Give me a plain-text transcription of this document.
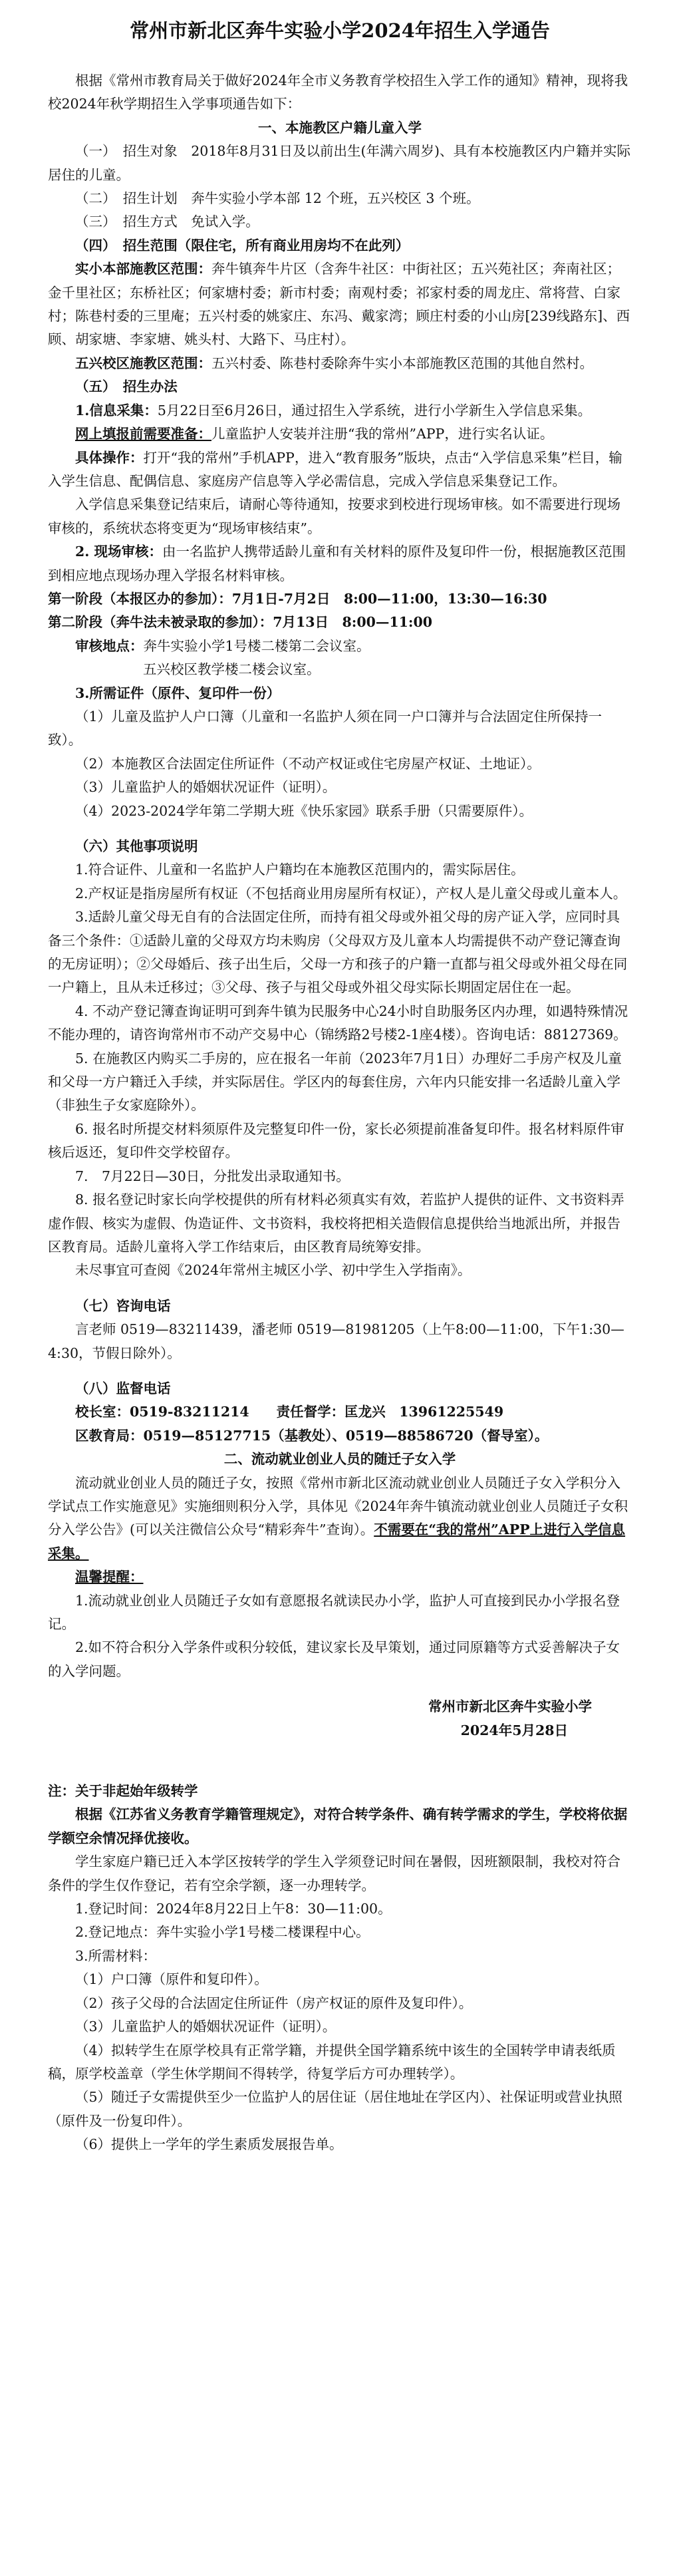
常州市新北区奔牛实验小学2024年招生入学通告

根据《常州市教育局关于做好2024年全市义务教育学校招生入学工作的通知》精神，现将我校2024年秋学期招生入学事项通告如下：

一、本施教区户籍儿童入学

（一）　招生对象　2018年8月31日及以前出生(年满六周岁)、具有本校施教区内户籍并实际居住的儿童。

（二）　招生计划　奔牛实验小学本部 12 个班，五兴校区 3 个班。

（三）　招生方式　免试入学。

（四）　招生范围（限住宅，所有商业用房均不在此列）

实小本部施教区范围：奔牛镇奔牛片区（含奔牛社区：中街社区；五兴苑社区；奔南社区；金千里社区；东桥社区；何家塘村委；新市村委；南观村委；祁家村委的周龙庄、常将营、白家村；陈巷村委的三里庵；五兴村委的姚家庄、东冯、戴家湾；顾庄村委的小山房[239线路东]、西顾、胡家塘、李家塘、姚头村、大路下、马庄村）。

五兴校区施教区范围：五兴村委、陈巷村委除奔牛实小本部施教区范围的其他自然村。

（五）　招生办法

1.信息采集：5月22日至6月26日，通过招生入学系统，进行小学新生入学信息采集。

网上填报前需要准备：儿童监护人安装并注册“我的常州”APP，进行实名认证。

具体操作：打开“我的常州”手机APP，进入“教育服务”版块，点击“入学信息采集”栏目，输入学生信息、配偶信息、家庭房产信息等入学必需信息，完成入学信息采集登记工作。

入学信息采集登记结束后，请耐心等待通知，按要求到校进行现场审核。如不需要进行现场审核的，系统状态将变更为“现场审核结束”。

2. 现场审核：由一名监护人携带适龄儿童和有关材料的原件及复印件一份，根据施教区范围到相应地点现场办理入学报名材料审核。

第一阶段（本报区办的参加）：7月1日-7月2日　8:00—11:00，13:30—16:30

第二阶段（奔牛法未被录取的参加）：7月13日　8:00—11:00

审核地点：奔牛实验小学1号楼二楼第二会议室。

五兴校区教学楼二楼会议室。

3.所需证件（原件、复印件一份）

（1）儿童及监护人户口簿（儿童和一名监护人须在同一户口簿并与合法固定住所保持一致）。

（2）本施教区合法固定住所证件（不动产权证或住宅房屋产权证、土地证）。

（3）儿童监护人的婚姻状况证件（证明）。

（4）2023-2024学年第二学期大班《快乐家园》联系手册（只需要原件）。

（六）其他事项说明

1.符合证件、儿童和一名监护人户籍均在本施教区范围内的，需实际居住。

2.产权证是指房屋所有权证（不包括商业用房屋所有权证），产权人是儿童父母或儿童本人。

3.适龄儿童父母无自有的合法固定住所，而持有祖父母或外祖父母的房产证入学，应同时具备三个条件：①适龄儿童的父母双方均未购房（父母双方及儿童本人均需提供不动产登记簿查询的无房证明）；②父母婚后、孩子出生后，父母一方和孩子的户籍一直都与祖父母或外祖父母在同一户籍上，且从未迁移过；③父母、孩子与祖父母或外祖父母实际长期固定居住在一起。

4. 不动产登记簿查询证明可到奔牛镇为民服务中心24小时自助服务区内办理，如遇特殊情况不能办理的，请咨询常州市不动产交易中心（锦绣路2号楼2-1座4楼）。咨询电话：88127369。

5. 在施教区内购买二手房的，应在报名一年前（2023年7月1日）办理好二手房产权及儿童和父母一方户籍迁入手续，并实际居住。学区内的每套住房，六年内只能安排一名适龄儿童入学（非独生子女家庭除外）。

6. 报名时所提交材料须原件及完整复印件一份，家长必须提前准备复印件。报名材料原件审核后返还，复印件交学校留存。

7.　7月22日—30日，分批发出录取通知书。

8. 报名登记时家长向学校提供的所有材料必须真实有效，若监护人提供的证件、文书资料弄虚作假、核实为虚假、伪造证件、文书资料，我校将把相关造假信息提供给当地派出所，并报告区教育局。适龄儿童将入学工作结束后，由区教育局统筹安排。

未尽事宜可查阅《2024年常州主城区小学、初中学生入学指南》。

（七）咨询电话

言老师 0519—83211439，潘老师 0519—81981205（上午8:00—11:00，下午1:30—4:30，节假日除外）。

（八）监督电话

校长室：0519-83211214　　责任督学：匡龙兴　13961225549

区教育局：0519—85127715（基教处）、0519—88586720（督导室）。

二、流动就业创业人员的随迁子女入学

流动就业创业人员的随迁子女，按照《常州市新北区流动就业创业人员随迁子女入学积分入学试点工作实施意见》实施细则积分入学，具体见《2024年奔牛镇流动就业创业人员随迁子女积分入学公告》(可以关注微信公众号“精彩奔牛”查询）。不需要在“我的常州”APP上进行入学信息采集。

温馨提醒：

1.流动就业创业人员随迁子女如有意愿报名就读民办小学，监护人可直接到民办小学报名登记。

2.如不符合积分入学条件或积分较低，建议家长及早策划，通过同原籍等方式妥善解决子女的入学问题。

常州市新北区奔牛实验小学

2024年5月28日

注：关于非起始年级转学

根据《江苏省义务教育学籍管理规定》，对符合转学条件、确有转学需求的学生，学校将依据学额空余情况择优接收。

学生家庭户籍已迁入本学区按转学的学生入学须登记时间在暑假，因班额限制，我校对符合条件的学生仅作登记，若有空余学额，逐一办理转学。

1.登记时间：2024年8月22日上午8：30—11:00。

2.登记地点：奔牛实验小学1号楼二楼课程中心。

3.所需材料：

（1）户口簿（原件和复印件）。

（2）孩子父母的合法固定住所证件（房产权证的原件及复印件）。

（3）儿童监护人的婚姻状况证件（证明）。

（4）拟转学生在原学校具有正常学籍，并提供全国学籍系统中该生的全国转学申请表纸质稿，原学校盖章（学生休学期间不得转学，待复学后方可办理转学）。

（5）随迁子女需提供至少一位监护人的居住证（居住地址在学区内）、社保证明或营业执照（原件及一份复印件）。

（6）提供上一学年的学生素质发展报告单。
